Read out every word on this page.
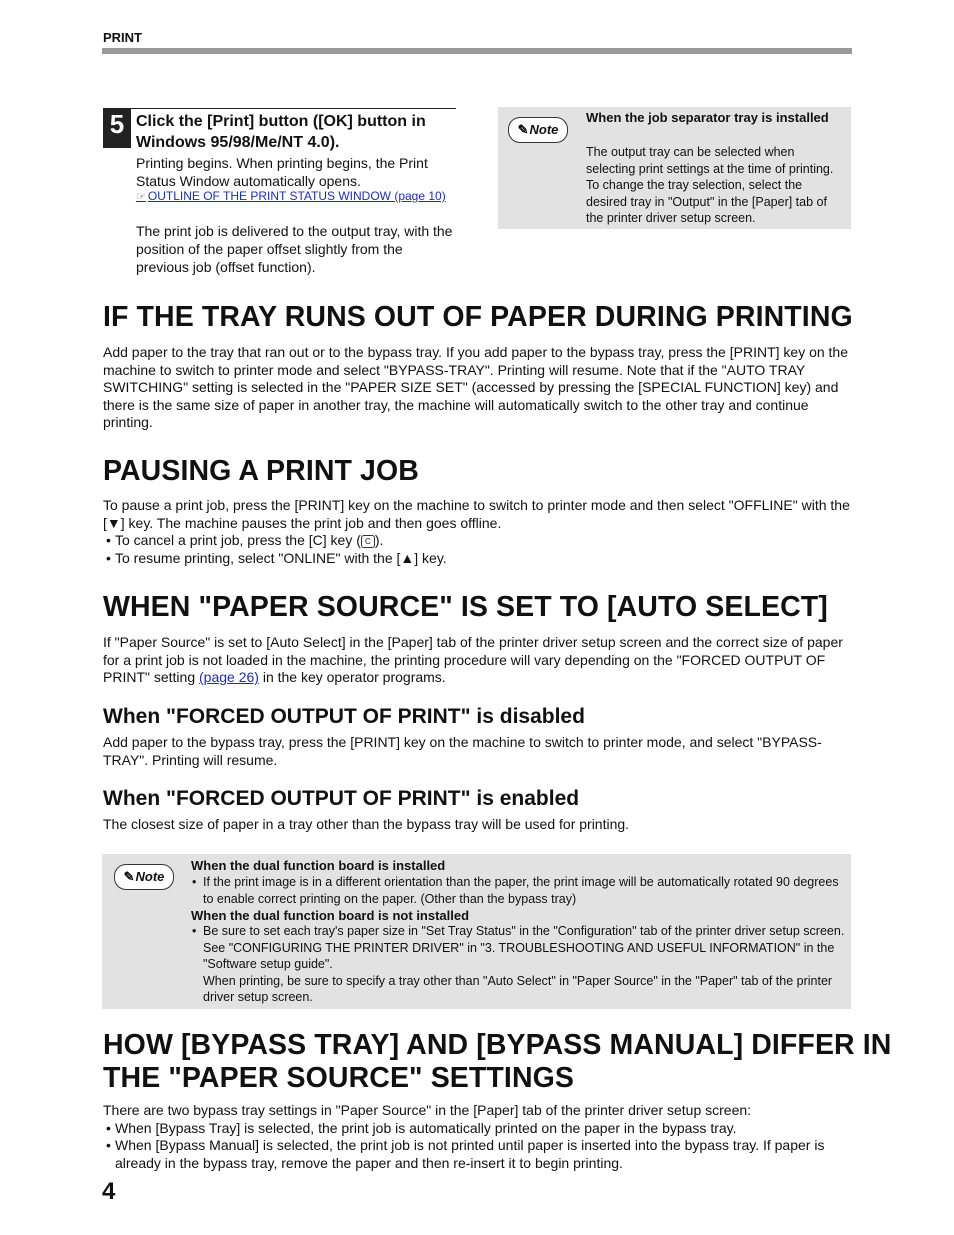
PRINT
5 Click the [Print] button ([OK] button in Windows 95/98/Me/NT 4.0).
Printing begins. When printing begins, the Print Status Window automatically opens.
☞ OUTLINE OF THE PRINT STATUS WINDOW (page 10)
The print job is delivered to the output tray, with the position of the paper offset slightly from the previous job (offset function).
✎Note
When the job separator tray is installed
The output tray can be selected when selecting print settings at the time of printing. To change the tray selection, select the desired tray in "Output" in the [Paper] tab of the printer driver setup screen.
IF THE TRAY RUNS OUT OF PAPER DURING PRINTING
Add paper to the tray that ran out or to the bypass tray. If you add paper to the bypass tray, press the [PRINT] key on the machine to switch to printer mode and select "BYPASS-TRAY". Printing will resume. Note that if the "AUTO TRAY SWITCHING" setting is selected in the "PAPER SIZE SET" (accessed by pressing the [SPECIAL FUNCTION] key) and there is the same size of paper in another tray, the machine will automatically switch to the other tray and continue printing.
PAUSING A PRINT JOB
To pause a print job, press the [PRINT] key on the machine to switch to printer mode and then select "OFFLINE" with the [▼] key. The machine pauses the print job and then goes offline.
• To cancel a print job, press the [C] key ( C ).
• To resume printing, select "ONLINE" with the [▲] key.
WHEN "PAPER SOURCE" IS SET TO [AUTO SELECT]
If "Paper Source" is set to [Auto Select] in the [Paper] tab of the printer driver setup screen and the correct size of paper for a print job is not loaded in the machine, the printing procedure will vary depending on the "FORCED OUTPUT OF PRINT" setting (page 26) in the key operator programs.
When "FORCED OUTPUT OF PRINT" is disabled
Add paper to the bypass tray, press the [PRINT] key on the machine to switch to printer mode, and select "BYPASS-TRAY". Printing will resume.
When "FORCED OUTPUT OF PRINT" is enabled
The closest size of paper in a tray other than the bypass tray will be used for printing.
✎Note
When the dual function board is installed
• If the print image is in a different orientation than the paper, the print image will be automatically rotated 90 degrees to enable correct printing on the paper. (Other than the bypass tray)
When the dual function board is not installed
• Be sure to set each tray's paper size in "Set Tray Status" in the "Configuration" tab of the printer driver setup screen. See "CONFIGURING THE PRINTER DRIVER" in "3. TROUBLESHOOTING AND USEFUL INFORMATION" in the "Software setup guide".
When printing, be sure to specify a tray other than "Auto Select" in "Paper Source" in the "Paper" tab of the printer driver setup screen.
HOW [BYPASS TRAY] AND [BYPASS MANUAL] DIFFER IN THE "PAPER SOURCE" SETTINGS
There are two bypass tray settings in "Paper Source" in the [Paper] tab of the printer driver setup screen:
• When [Bypass Tray] is selected, the print job is automatically printed on the paper in the bypass tray.
• When [Bypass Manual] is selected, the print job is not printed until paper is inserted into the bypass tray. If paper is already in the bypass tray, remove the paper and then re-insert it to begin printing.
4
